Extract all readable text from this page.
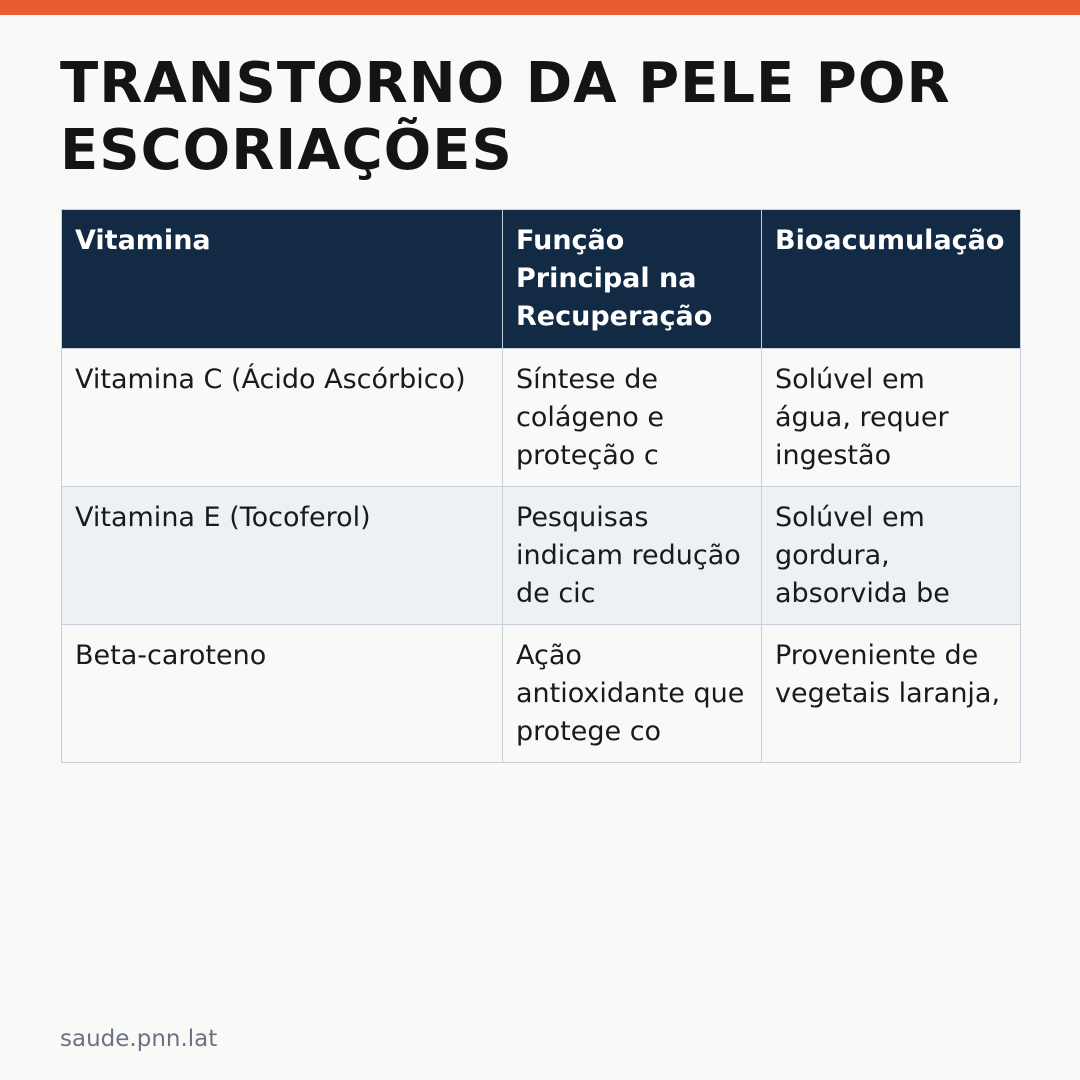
TRANSTORNO DA PELE POR ESCORIAÇÕES
Vitamina	Função Principal na Recuperação	Bioacumulação
Vitamina C (Ácido Ascórbico)	Síntese de colágeno e proteção c	Solúvel em água, requer ingestão
Vitamina E (Tocoferol)	Pesquisas indicam redução de cic	Solúvel em gordura, absorvida be
Beta-caroteno	Ação antioxidante que protege co	Proveniente de vegetais laranja,
saude.pnn.lat
